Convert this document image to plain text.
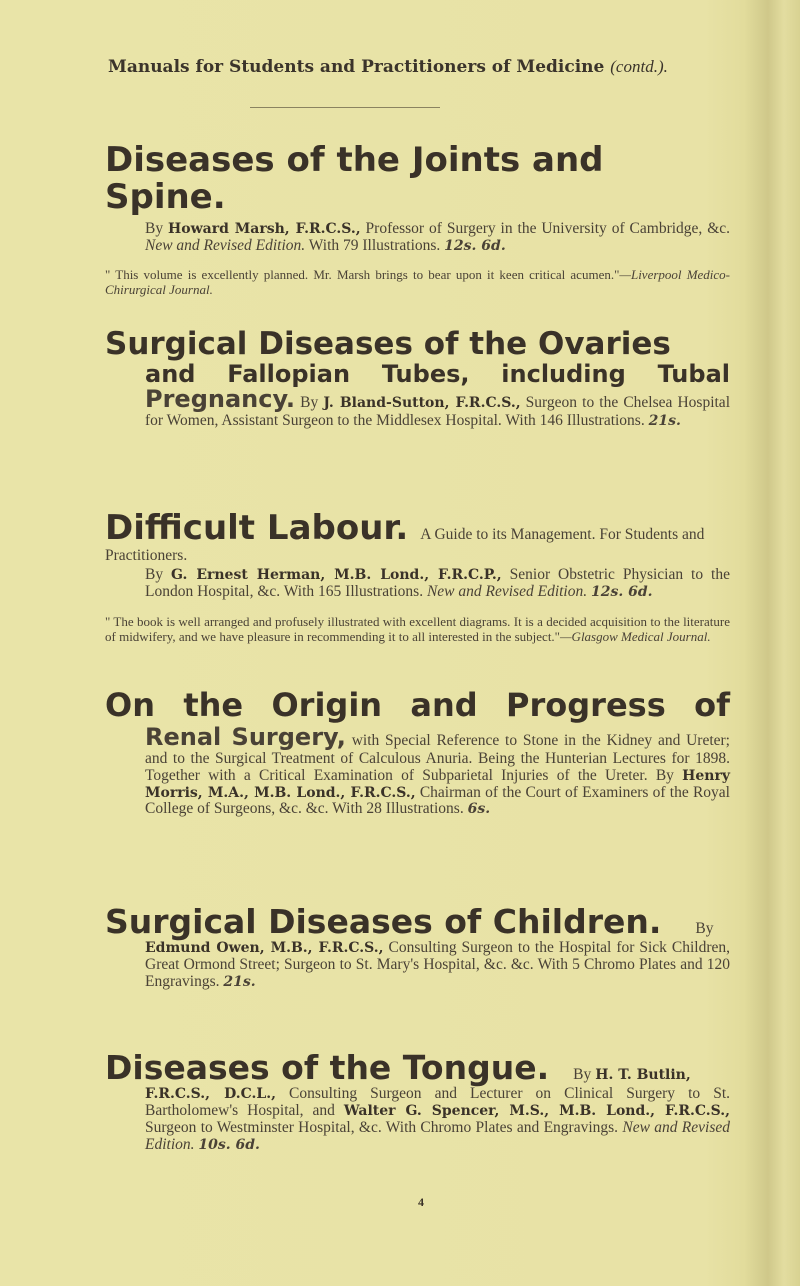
Manuals for Students and Practitioners of Medicine (contd.).
Diseases of the Joints and Spine.
By Howard Marsh, F.R.C.S., Professor of Surgery in the University of Cambridge, &c. New and Revised Edition. With 79 Illustrations. 12s. 6d.
" This volume is excellently planned. Mr. Marsh brings to bear upon it keen critical acumen."—Liverpool Medico-Chirurgical Journal.
Surgical Diseases of the Ovaries
and Fallopian Tubes, including Tubal
Pregnancy. By J. Bland-Sutton, F.R.C.S., Surgeon to the Chelsea Hospital for Women, Assistant Surgeon to the Middlesex Hospital. With 146 Illustrations. 21s.
Difficult Labour. A Guide to its Management. For Students and Practitioners.
By G. Ernest Herman, M.B. Lond., F.R.C.P., Senior Obstetric Physician to the London Hospital, &c. With 165 Illustrations. New and Revised Edition. 12s. 6d.
" The book is well arranged and profusely illustrated with excellent diagrams. It is a decided acquisition to the literature of midwifery, and we have pleasure in recommending it to all interested in the subject."—Glasgow Medical Journal.
On the Origin and Progress of
Renal Surgery, with Special Reference to Stone in the Kidney and Ureter; and to the Surgical Treatment of Calculous Anuria. Being the Hunterian Lectures for 1898. Together with a Critical Examination of Subparietal Injuries of the Ureter. By Henry Morris, M.A., M.B. Lond., F.R.C.S., Chairman of the Court of Examiners of the Royal College of Surgeons, &c. &c. With 28 Illustrations. 6s.
Surgical Diseases of Children. By
Edmund Owen, M.B., F.R.C.S., Consulting Surgeon to the Hospital for Sick Children, Great Ormond Street; Surgeon to St. Mary's Hospital, &c. &c. With 5 Chromo Plates and 120 Engravings. 21s.
Diseases of the Tongue. By H. T. Butlin,
F.R.C.S., D.C.L., Consulting Surgeon and Lecturer on Clinical Surgery to St. Bartholomew's Hospital, and Walter G. Spencer, M.S., M.B. Lond., F.R.C.S., Surgeon to Westminster Hospital, &c. With Chromo Plates and Engravings. New and Revised Edition. 10s. 6d.
4
